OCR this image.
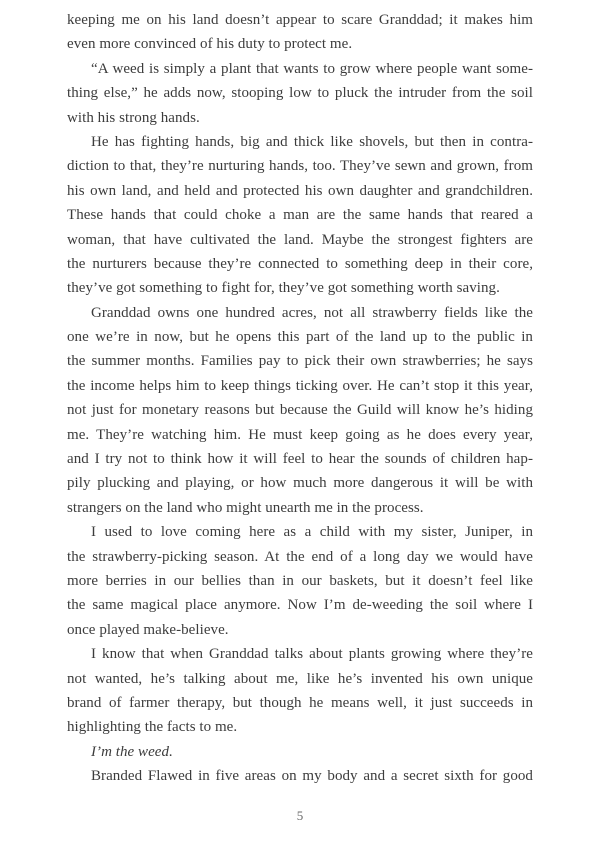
keeping me on his land doesn’t appear to scare Granddad; it makes him
even more convinced of his duty to protect me.
“A weed is simply a plant that wants to grow where people want some-
thing else,” he adds now, stooping low to pluck the intruder from the soil
with his strong hands.
He has fighting hands, big and thick like shovels, but then in contra-
diction to that, they’re nurturing hands, too. They’ve sewn and grown, from
his own land, and held and protected his own daughter and grandchildren.
These hands that could choke a man are the same hands that reared a
woman, that have cultivated the land. Maybe the strongest fighters are
the nurturers because they’re connected to something deep in their core,
they’ve got something to fight for, they’ve got something worth saving.
Granddad owns one hundred acres, not all strawberry fields like the
one we’re in now, but he opens this part of the land up to the public in
the summer months. Families pay to pick their own strawberries; he says
the income helps him to keep things ticking over. He can’t stop it this year,
not just for monetary reasons but because the Guild will know he’s hiding
me. They’re watching him. He must keep going as he does every year,
and I try not to think how it will feel to hear the sounds of children hap-
pily plucking and playing, or how much more dangerous it will be with
strangers on the land who might unearth me in the process.
I used to love coming here as a child with my sister, Juniper, in
the strawberry-picking season. At the end of a long day we would have
more berries in our bellies than in our baskets, but it doesn’t feel like
the same magical place anymore. Now I’m de-weeding the soil where I
once played make-believe.
I know that when Granddad talks about plants growing where they’re
not wanted, he’s talking about me, like he’s invented his own unique
brand of farmer therapy, but though he means well, it just succeeds in
highlighting the facts to me.
I’m the weed.
Branded Flawed in five areas on my body and a secret sixth for good
5
